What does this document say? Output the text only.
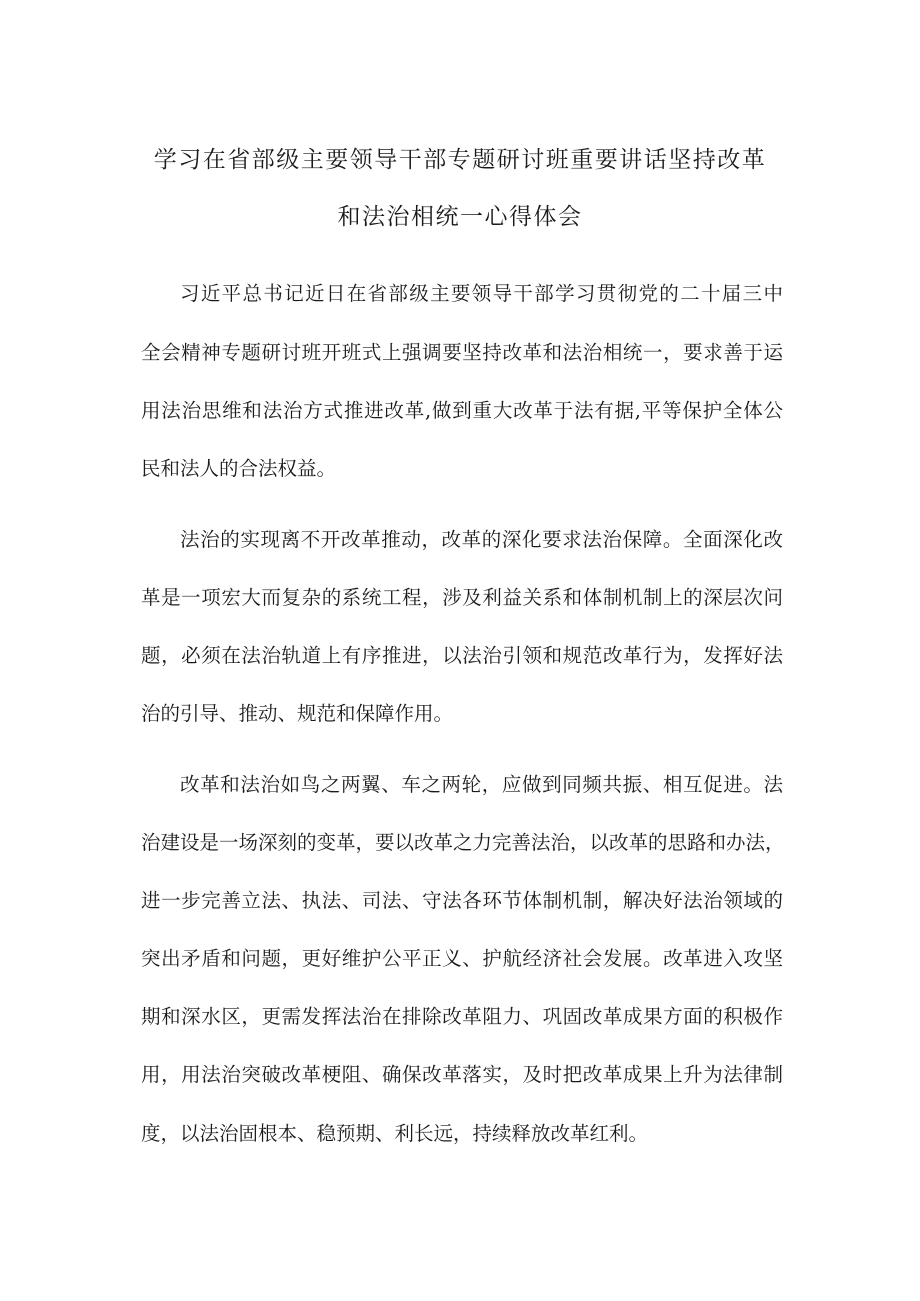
学习在省部级主要领导干部专题研讨班重要讲话坚持改革
和法治相统一心得体会
习近平总书记近日在省部级主要领导干部学习贯彻党的二十届三中
全会精神专题研讨班开班式上强调要坚持改革和法治相统一，要求善于运
用法治思维和法治方式推进改革,做到重大改革于法有据,平等保护全体公
民和法人的合法权益。
法治的实现离不开改革推动，改革的深化要求法治保障。全面深化改
革是一项宏大而复杂的系统工程，涉及利益关系和体制机制上的深层次问
题，必须在法治轨道上有序推进，以法治引领和规范改革行为，发挥好法
治的引导、推动、规范和保障作用。
改革和法治如鸟之两翼、车之两轮，应做到同频共振、相互促进。法
治建设是一场深刻的变革，要以改革之力完善法治，以改革的思路和办法，
进一步完善立法、执法、司法、守法各环节体制机制，解决好法治领域的
突出矛盾和问题，更好维护公平正义、护航经济社会发展。改革进入攻坚
期和深水区，更需发挥法治在排除改革阻力、巩固改革成果方面的积极作
用，用法治突破改革梗阻、确保改革落实，及时把改革成果上升为法律制
度，以法治固根本、稳预期、利长远，持续释放改革红利。
